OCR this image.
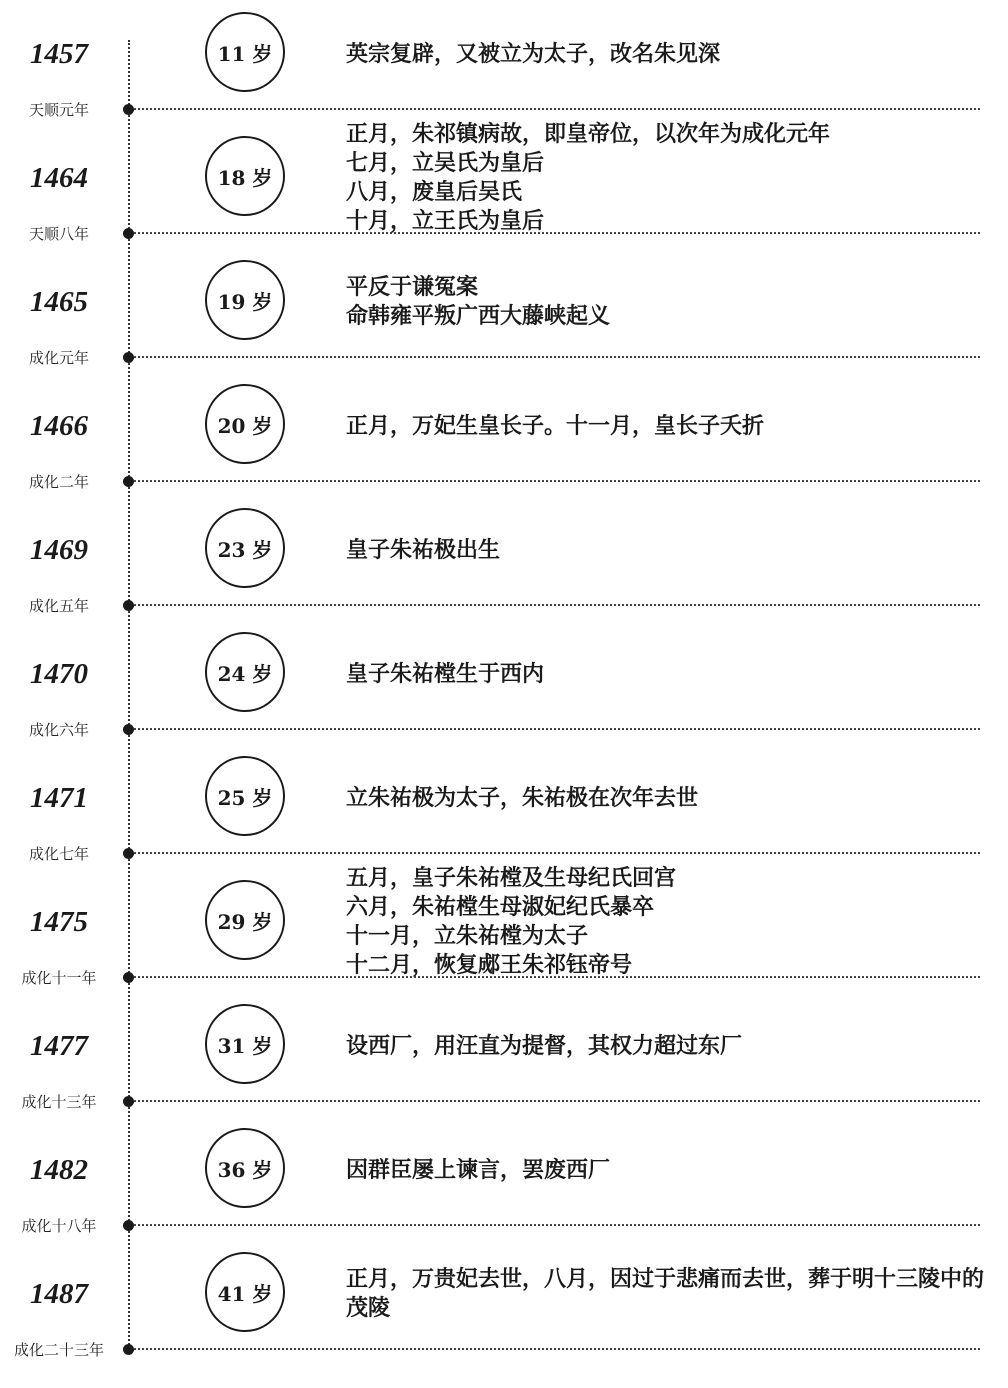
1457
天顺元年
11 岁	英宗复辟，又被立为太子，改名朱见深
1464
天顺八年
18 岁
正月，朱祁镇病故，即皇帝位，以次年为成化元年
七月，立吴氏为皇后
八月，废皇后吴氏
十月，立王氏为皇后
1465
成化元年
19 岁
平反于谦冤案
命韩雍平叛广西大藤峡起义
1466
成化二年
20 岁	正月，万妃生皇长子。十一月，皇长子夭折
1469
成化五年
23 岁	皇子朱祐极出生
1470
成化六年
24 岁	皇子朱祐樘生于西内
1471
成化七年
25 岁	立朱祐极为太子，朱祐极在次年去世
1475
成化十一年
29 岁
五月，皇子朱祐樘及生母纪氏回宫
六月，朱祐樘生母淑妃纪氏暴卒
十一月，立朱祐樘为太子
十二月，恢复郕王朱祁钰帝号
1477
成化十三年
31 岁	设西厂，用汪直为提督，其权力超过东厂
1482
成化十八年
36 岁	因群臣屡上谏言，罢废西厂
1487
成化二十三年
41 岁
正月，万贵妃去世，八月，因过于悲痛而去世，葬于明十三陵中的茂陵
